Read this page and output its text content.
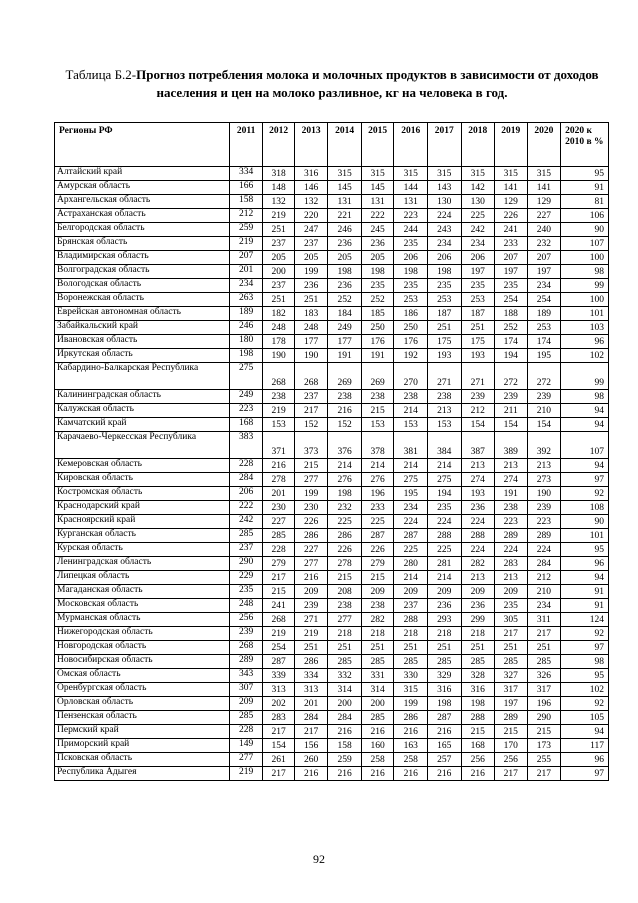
Таблица Б.2-Прогноз потребления молока и молочных продуктов в зависимости от доходов населения и цен на молоко разливное, кг на человека в год.
Регионы РФ	2011	2012	2013	2014	2015	2016	2017	2018	2019	2020	2020 к 2010 в %
Алтайский край	334	318	316	315	315	315	315	315	315	315	95
Амурская область	166	148	146	145	145	144	143	142	141	141	91
Архангельская область	158	132	132	131	131	131	130	130	129	129	81
Астраханская область	212	219	220	221	222	223	224	225	226	227	106
Белгородская область	259	251	247	246	245	244	243	242	241	240	90
Брянская область	219	237	237	236	236	235	234	234	233	232	107
Владимирская область	207	205	205	205	205	206	206	206	207	207	100
Волгоградская область	201	200	199	198	198	198	198	197	197	197	98
Вологодская область	234	237	236	236	235	235	235	235	235	234	99
Воронежская область	263	251	251	252	252	253	253	253	254	254	100
Еврейская автономная область	189	182	183	184	185	186	187	187	188	189	101
Забайкальский край	246	248	248	249	250	250	251	251	252	253	103
Ивановская область	180	178	177	177	176	176	175	175	174	174	96
Иркутская область	198	190	190	191	191	192	193	193	194	195	102
Кабардино-Балкарская Республика	275	268	268	269	269	270	271	271	272	272	99
Калининградская область	249	238	237	238	238	238	238	239	239	239	98
Калужская область	223	219	217	216	215	214	213	212	211	210	94
Камчатский край	168	153	152	152	153	153	153	154	154	154	94
Карачаево-Черкесская Республика	383	371	373	376	378	381	384	387	389	392	107
Кемеровская область	228	216	215	214	214	214	214	213	213	213	94
Кировская область	284	278	277	276	276	275	275	274	274	273	97
Костромская область	206	201	199	198	196	195	194	193	191	190	92
Краснодарский край	222	230	230	232	233	234	235	236	238	239	108
Красноярский край	242	227	226	225	225	224	224	224	223	223	90
Курганская область	285	285	286	286	287	287	288	288	289	289	101
Курская область	237	228	227	226	226	225	225	224	224	224	95
Ленинградская область	290	279	277	278	279	280	281	282	283	284	96
Липецкая область	229	217	216	215	215	214	214	213	213	212	94
Магаданская область	235	215	209	208	209	209	209	209	209	210	91
Московская область	248	241	239	238	238	237	236	236	235	234	91
Мурманская область	256	268	271	277	282	288	293	299	305	311	124
Нижегородская область	239	219	219	218	218	218	218	218	217	217	92
Новгородская область	268	254	251	251	251	251	251	251	251	251	97
Новосибирская область	289	287	286	285	285	285	285	285	285	285	98
Омская область	343	339	334	332	331	330	329	328	327	326	95
Оренбургская область	307	313	313	314	314	315	316	316	317	317	102
Орловская область	209	202	201	200	200	199	198	198	197	196	92
Пензенская область	285	283	284	284	285	286	287	288	289	290	105
Пермский край	228	217	217	216	216	216	216	215	215	215	94
Приморский край	149	154	156	158	160	163	165	168	170	173	117
Псковская область	277	261	260	259	258	258	257	256	256	255	96
Республика Адыгея	219	217	216	216	216	216	216	216	217	217	97
92
